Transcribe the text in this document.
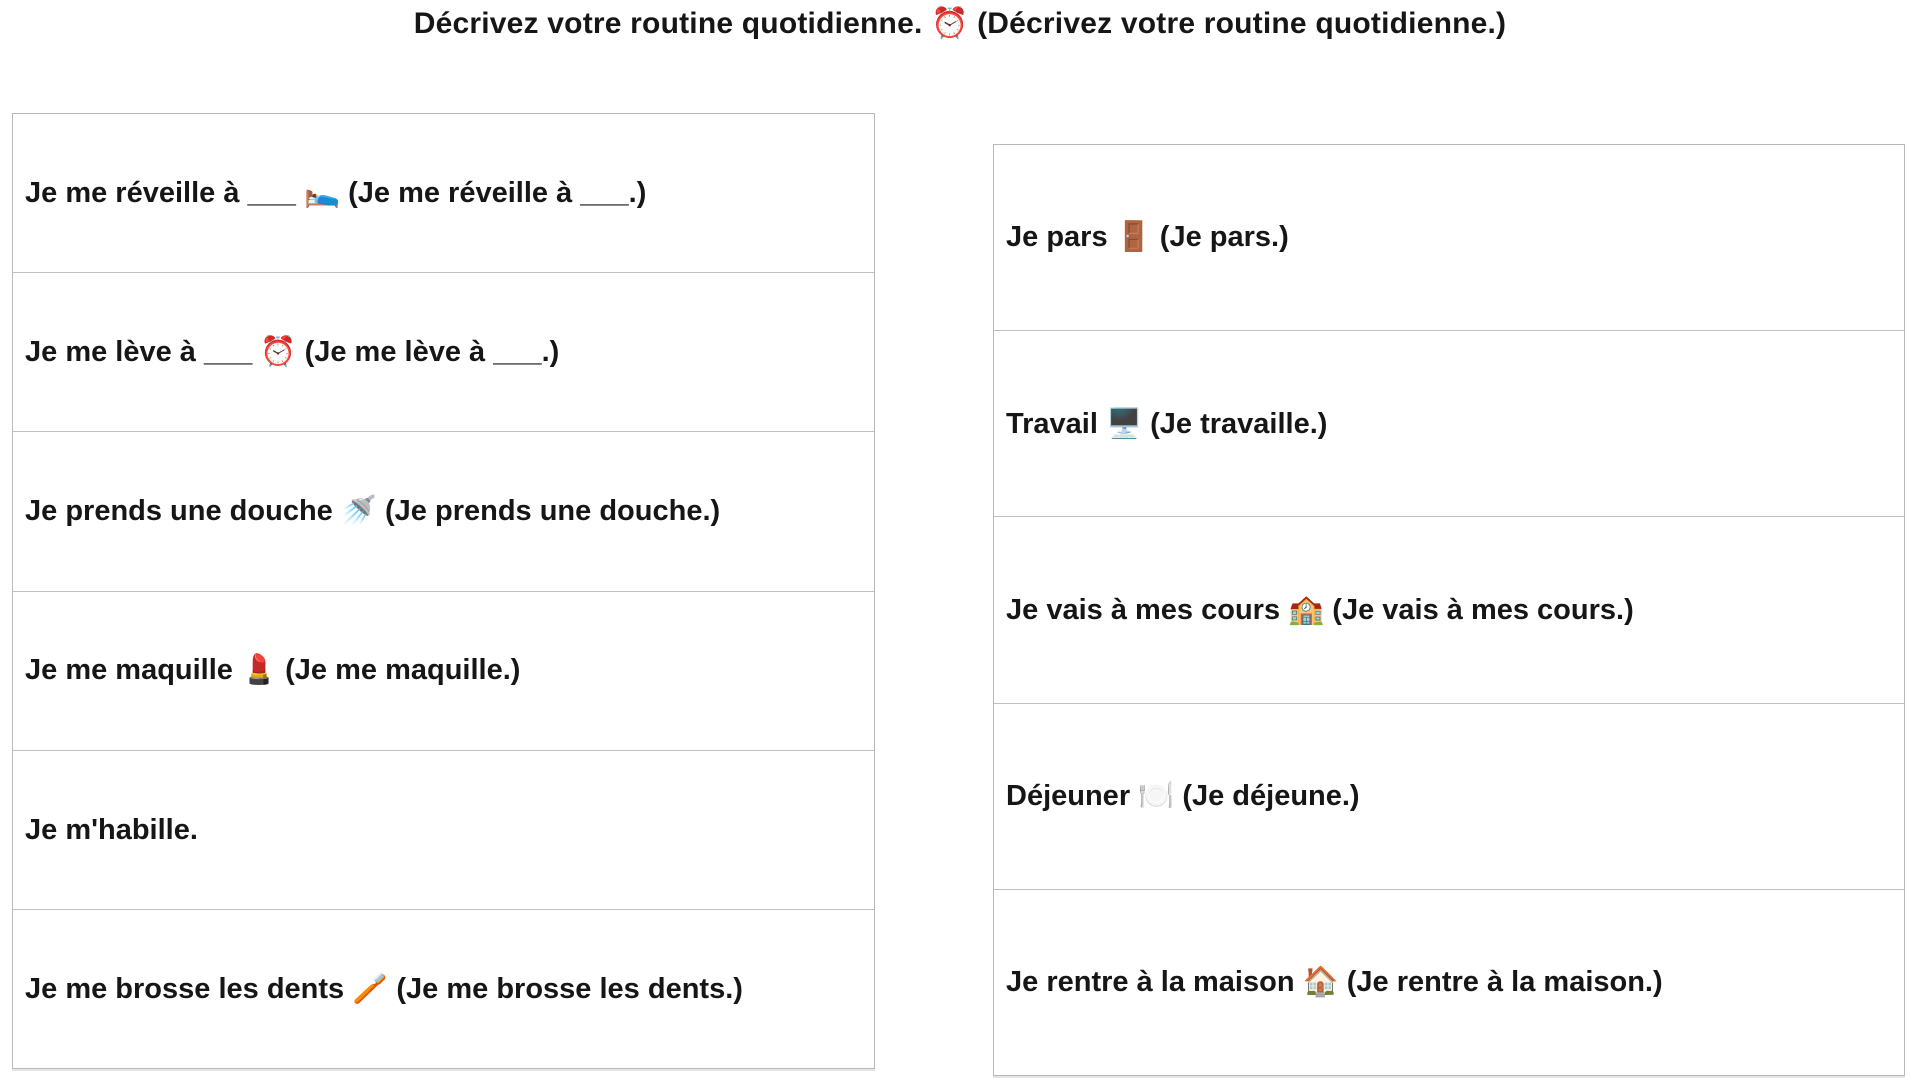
Décrivez votre routine quotidienne. ⏰ (Décrivez votre routine quotidienne.)
Je me réveille à ___ 🛌 (Je me réveille à ___.)
Je me lève à ___ ⏰ (Je me lève à ___.)
Je prends une douche 🚿 (Je prends une douche.)
Je me maquille 💄 (Je me maquille.)
Je m'habille.
Je me brosse les dents 🪥 (Je me brosse les dents.)
Je pars 🚪 (Je pars.)
Travail 🖥️ (Je travaille.)
Je vais à mes cours 🏫 (Je vais à mes cours.)
Déjeuner 🍽️ (Je déjeune.)
Je rentre à la maison 🏠 (Je rentre à la maison.)
